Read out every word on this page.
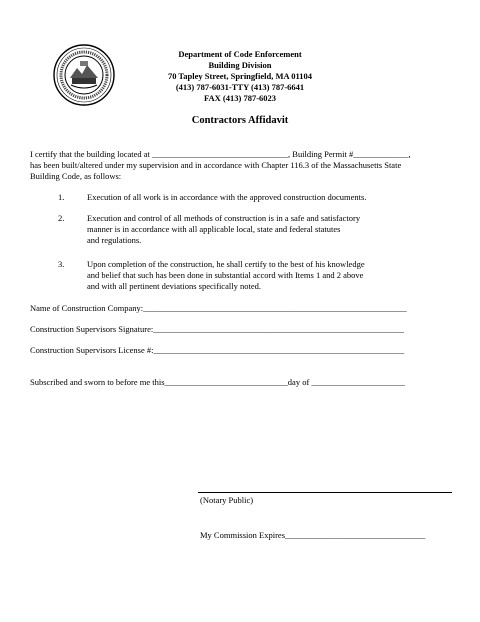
Department of Code Enforcement
Building Division
70 Tapley Street, Springfield, MA 01104
(413) 787-6031-TTY (413) 787-6641
FAX (413) 787-6023
Contractors Affidavit
I certify that the building located at ________________________________, Building Permit #_____________,
has been built/altered under my supervision and in accordance with Chapter 116.3 of the Massachusetts State
Building Code, as follows:
1.	Execution of all work is in accordance with the approved construction documents.
2.	Execution and control of all methods of construction is in a safe and satisfactory
manner is in accordance with all applicable local, state and federal statutes
and regulations.
3.	Upon completion of the construction, he shall certify to the best of his knowledge
and belief that such has been done in substantial accord with Items 1 and 2 above
and with all pertinent deviations specifically noted.
Name of Construction Company:______________________________________________________________
Construction Supervisors Signature:___________________________________________________________
Construction Supervisors License #:___________________________________________________________
Subscribed and sworn to before me this_____________________________day of ______________________
(Notary Public)
My Commission Expires_________________________________
